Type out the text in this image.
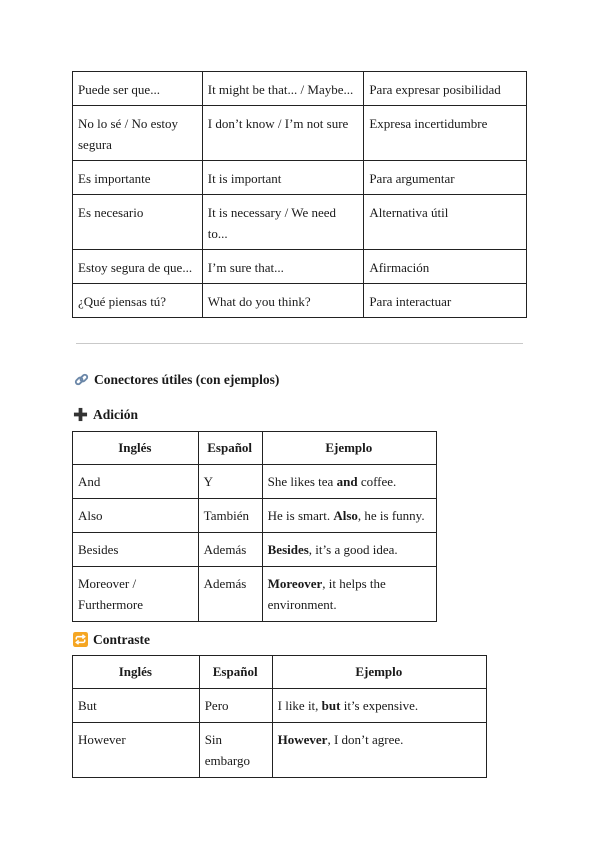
Puede ser que...	It might be that... / Maybe...	Para expresar posibilidad
No lo sé / No estoy segura	I don’t know / I’m not sure	Expresa incertidumbre
Es importante	It is important	Para argumentar
Es necesario	It is necessary / We need to...	Alternativa útil
Estoy segura de que...	I’m sure that...	Afirmación
¿Qué piensas tú?	What do you think?	Para interactuar
Conectores útiles (con ejemplos)
Adición
Inglés	Español	Ejemplo
And	Y	She likes tea and coffee.
Also	También	He is smart. Also, he is funny.
Besides	Además	Besides, it’s a good idea.
Moreover / Furthermore	Además	Moreover, it helps the environment.
Contraste
Inglés	Español	Ejemplo
But	Pero	I like it, but it’s expensive.
However	Sin embargo	However, I don’t agree.
